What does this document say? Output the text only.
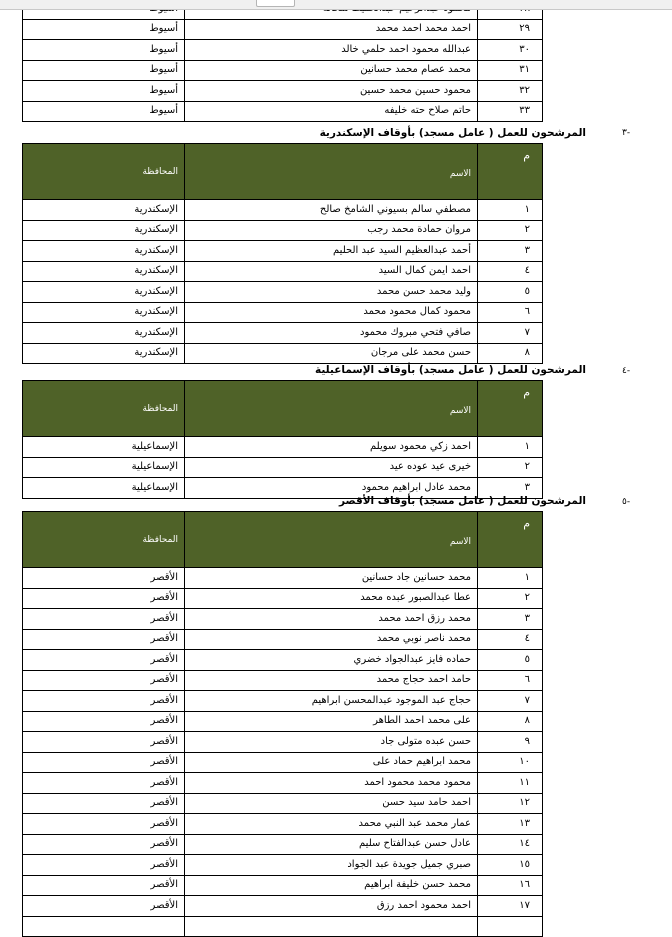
٢٩	احمد محمد احمد محمد	أسيوط
٣٠	عبدالله محمود احمد حلمي خالد	أسيوط
٣١	محمد عصام محمد حسانين	أسيوط
٣٢	محمود حسين محمد حسين	أسيوط
٣٣	حاتم صلاح حته خليفه	أسيوط
-٣
المرشحون للعمل ( عامل مسجد) بأوقاف الإسكندرية
م	الاسم	المحافظة
١	مصطفي سالم بسيوني الشامخ صالح	الإسكندرية
٢	مروان حمادة محمد رجب	الإسكندرية
٣	أحمد عبدالعظيم السيد عبد الحليم	الإسكندرية
٤	احمد ايمن كمال السيد	الإسكندرية
٥	وليد محمد حسن محمد	الإسكندرية
٦	محمود كمال محمود محمد	الإسكندرية
٧	صافي فتحي مبروك محمود	الإسكندرية
٨	حسن محمد على مرجان	الإسكندرية
-٤
المرشحون للعمل ( عامل مسجد) بأوقاف الإسماعيلية
م	الاسم	المحافظة
١	احمد زكي محمود سويلم	الإسماعيلية
٢	خيرى عيد عوده عيد	الإسماعيلية
٣	محمد عادل ابراهيم محمود	الإسماعيلية
-٥
المرشحون للعمل ( عامل مسجد) بأوقاف الأقصر
م	الاسم	المحافظة
١	محمد حسانين جاد حسانين	الأقصر
٢	عطا عبدالصبور عبده محمد	الأقصر
٣	محمد رزق احمد محمد	الأقصر
٤	محمد ناصر نوبي محمد	الأقصر
٥	حماده فايز عبدالجواد خضري	الأقصر
٦	حامد احمد حجاج محمد	الأقصر
٧	حجاج عبد الموجود عبدالمحسن ابراهيم	الأقصر
٨	على محمد احمد الطاهر	الأقصر
٩	حسن عبده متولى جاد	الأقصر
١٠	محمد ابراهيم حماد على	الأقصر
١١	محمود محمد محمود احمد	الأقصر
١٢	احمد حامد سيد حسن	الأقصر
١٣	عمار محمد عبد النبي محمد	الأقصر
١٤	عادل حسن عبدالفتاح سليم	الأقصر
١٥	صبري جميل جويدة عبد الجواد	الأقصر
١٦	محمد حسن خليفة ابراهيم	الأقصر
١٧	احمد محمود احمد رزق	الأقصر
